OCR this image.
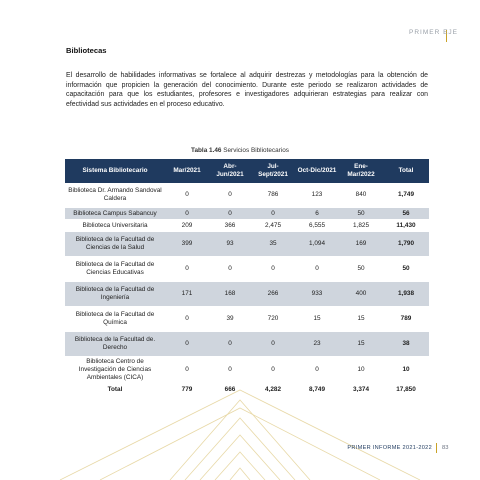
PRIMER EJE
Bibliotecas
El desarrollo de habilidades informativas se fortalece al adquirir destrezas y metodologías para la obtención de información que propicien la generación del conocimiento. Durante este periodo se realizaron actividades de capacitación para que los estudiantes, profesores e investigadores adquirieran estrategias para realizar con efectividad sus actividades en el proceso educativo.
Tabla 1.46 Servicios Bibliotecarios
Sistema Bibliotecario	Mar/2021	Abr-Jun/2021	Jul-Sept/2021	Oct-Dic/2021	Ene-Mar/2022	Total
Biblioteca Dr. Armando Sandoval Caldera	0	0	786	123	840	1,749
Biblioteca Campus Sabancuy	0	0	0	6	50	56
Biblioteca Universitaria	209	366	2,475	6,555	1,825	11,430
Biblioteca de la Facultad de Ciencias de la Salud	399	93	35	1,094	169	1,790
Biblioteca de la Facultad de Ciencias Educativas	0	0	0	0	50	50
Biblioteca de la Facultad de Ingeniería	171	168	266	933	400	1,938
Biblioteca de la Facultad de Química	0	39	720	15	15	789
Biblioteca de la Facultad de. Derecho	0	0	0	23	15	38
Biblioteca Centro de Investigación de Ciencias Ambientales (CICA)	0	0	0	0	10	10
Total	779	666	4,282	8,749	3,374	17,850
PRIMER INFORME 2021-2022 83
